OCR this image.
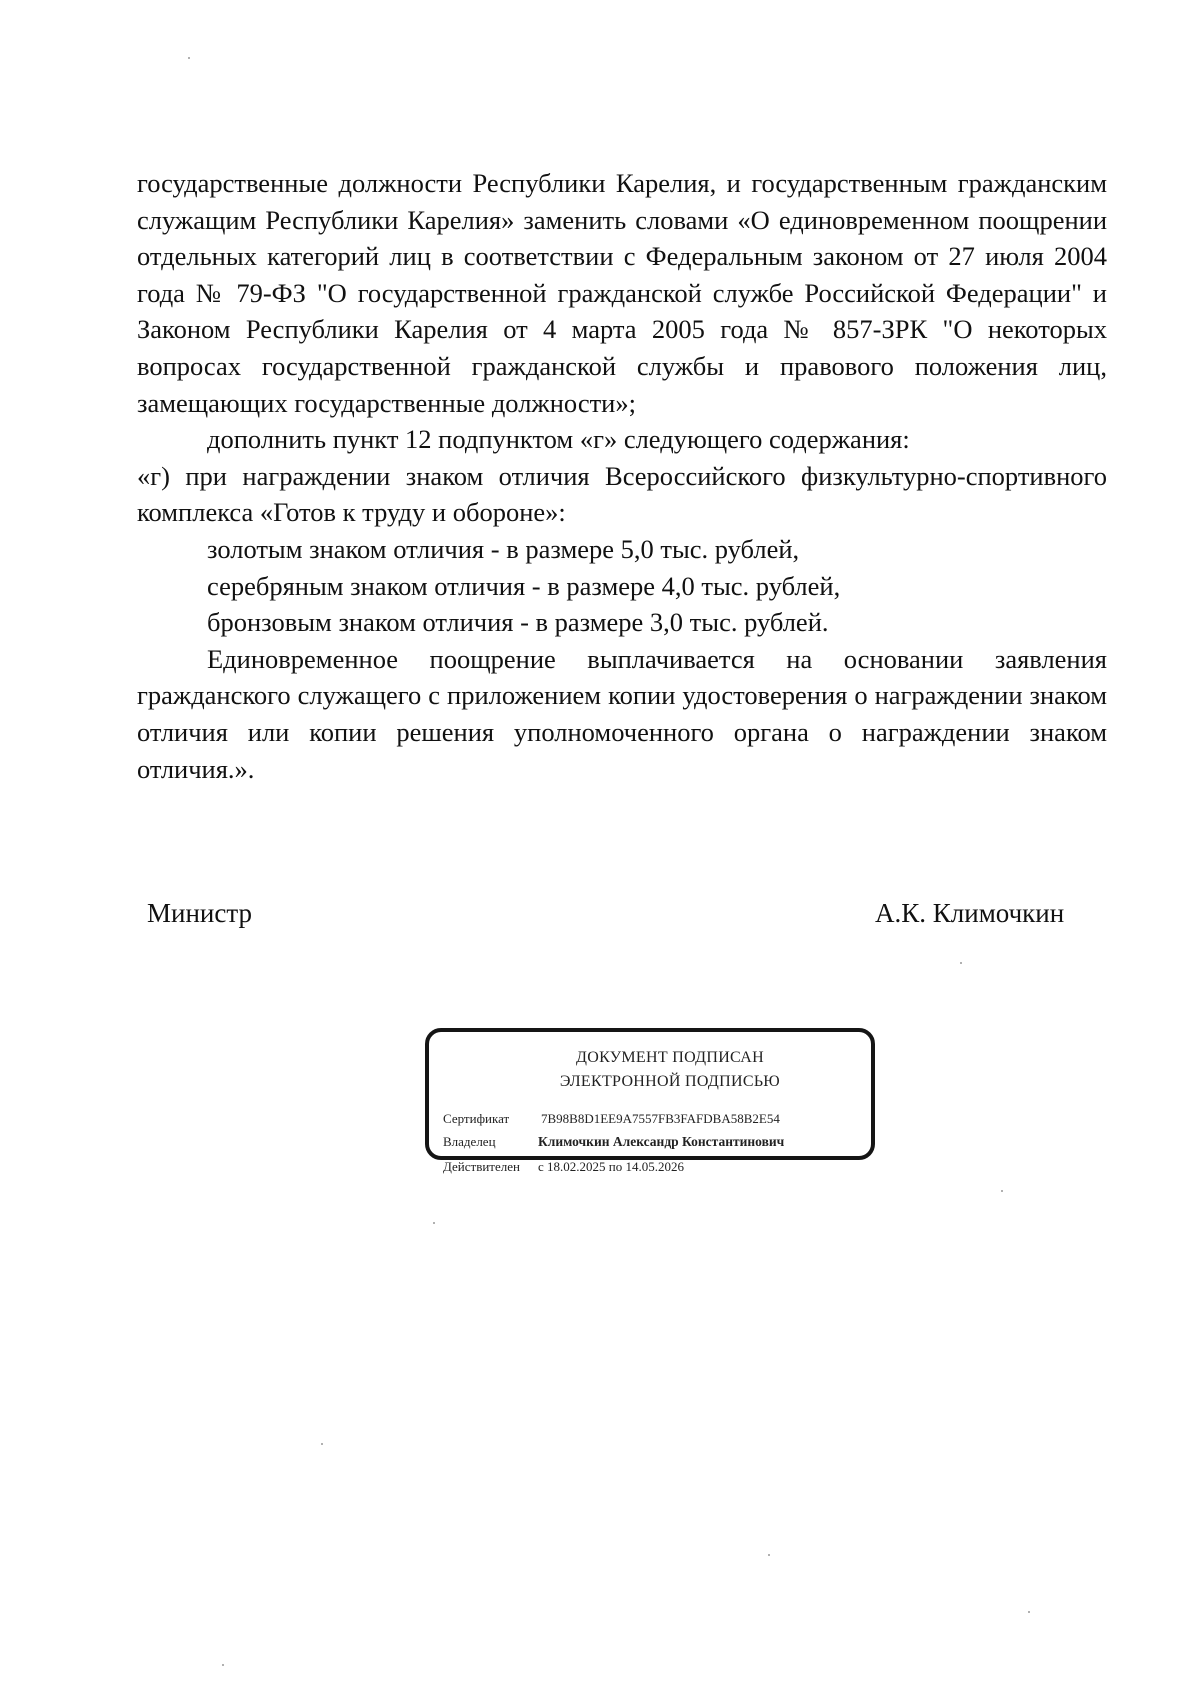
государственные должности Республики Карелия, и государственным гражданским служащим Республики Карелия» заменить словами «О единовременном поощрении отдельных категорий лиц в соответствии с Федеральным законом от 27 июля 2004 года № 79-ФЗ "О государственной гражданской службе Российской Федерации" и Законом Республики Карелия от 4 марта 2005 года № 857-ЗРК "О некоторых вопросах государственной гражданской службы и правового положения лиц, замещающих государственные должности»;

дополнить пункт 12 подпунктом «г» следующего содержания:

«г) при награждении знаком отличия Всероссийского физкультурно-спортивного комплекса «Готов к труду и обороне»:

золотым знаком отличия - в размере 5,0 тыс. рублей,

серебряным знаком отличия - в размере 4,0 тыс. рублей,

бронзовым знаком отличия - в размере 3,0 тыс. рублей.

Единовременное поощрение выплачивается на основании заявления гражданского служащего с приложением копии удостоверения о награждении знаком отличия или копии решения уполномоченного органа о награждении знаком отличия.».

Министр	А.К. Климочкин
ДОКУМЕНТ ПОДПИСАН
ЭЛЕКТРОННОЙ ПОДПИСЬЮ
Сертификат 7B98B8D1EE9A7557FB3FAFDBA58B2E54
Владелец	Климочкин Александр Константинович
Действителен с 18.02.2025 по 14.05.2026
